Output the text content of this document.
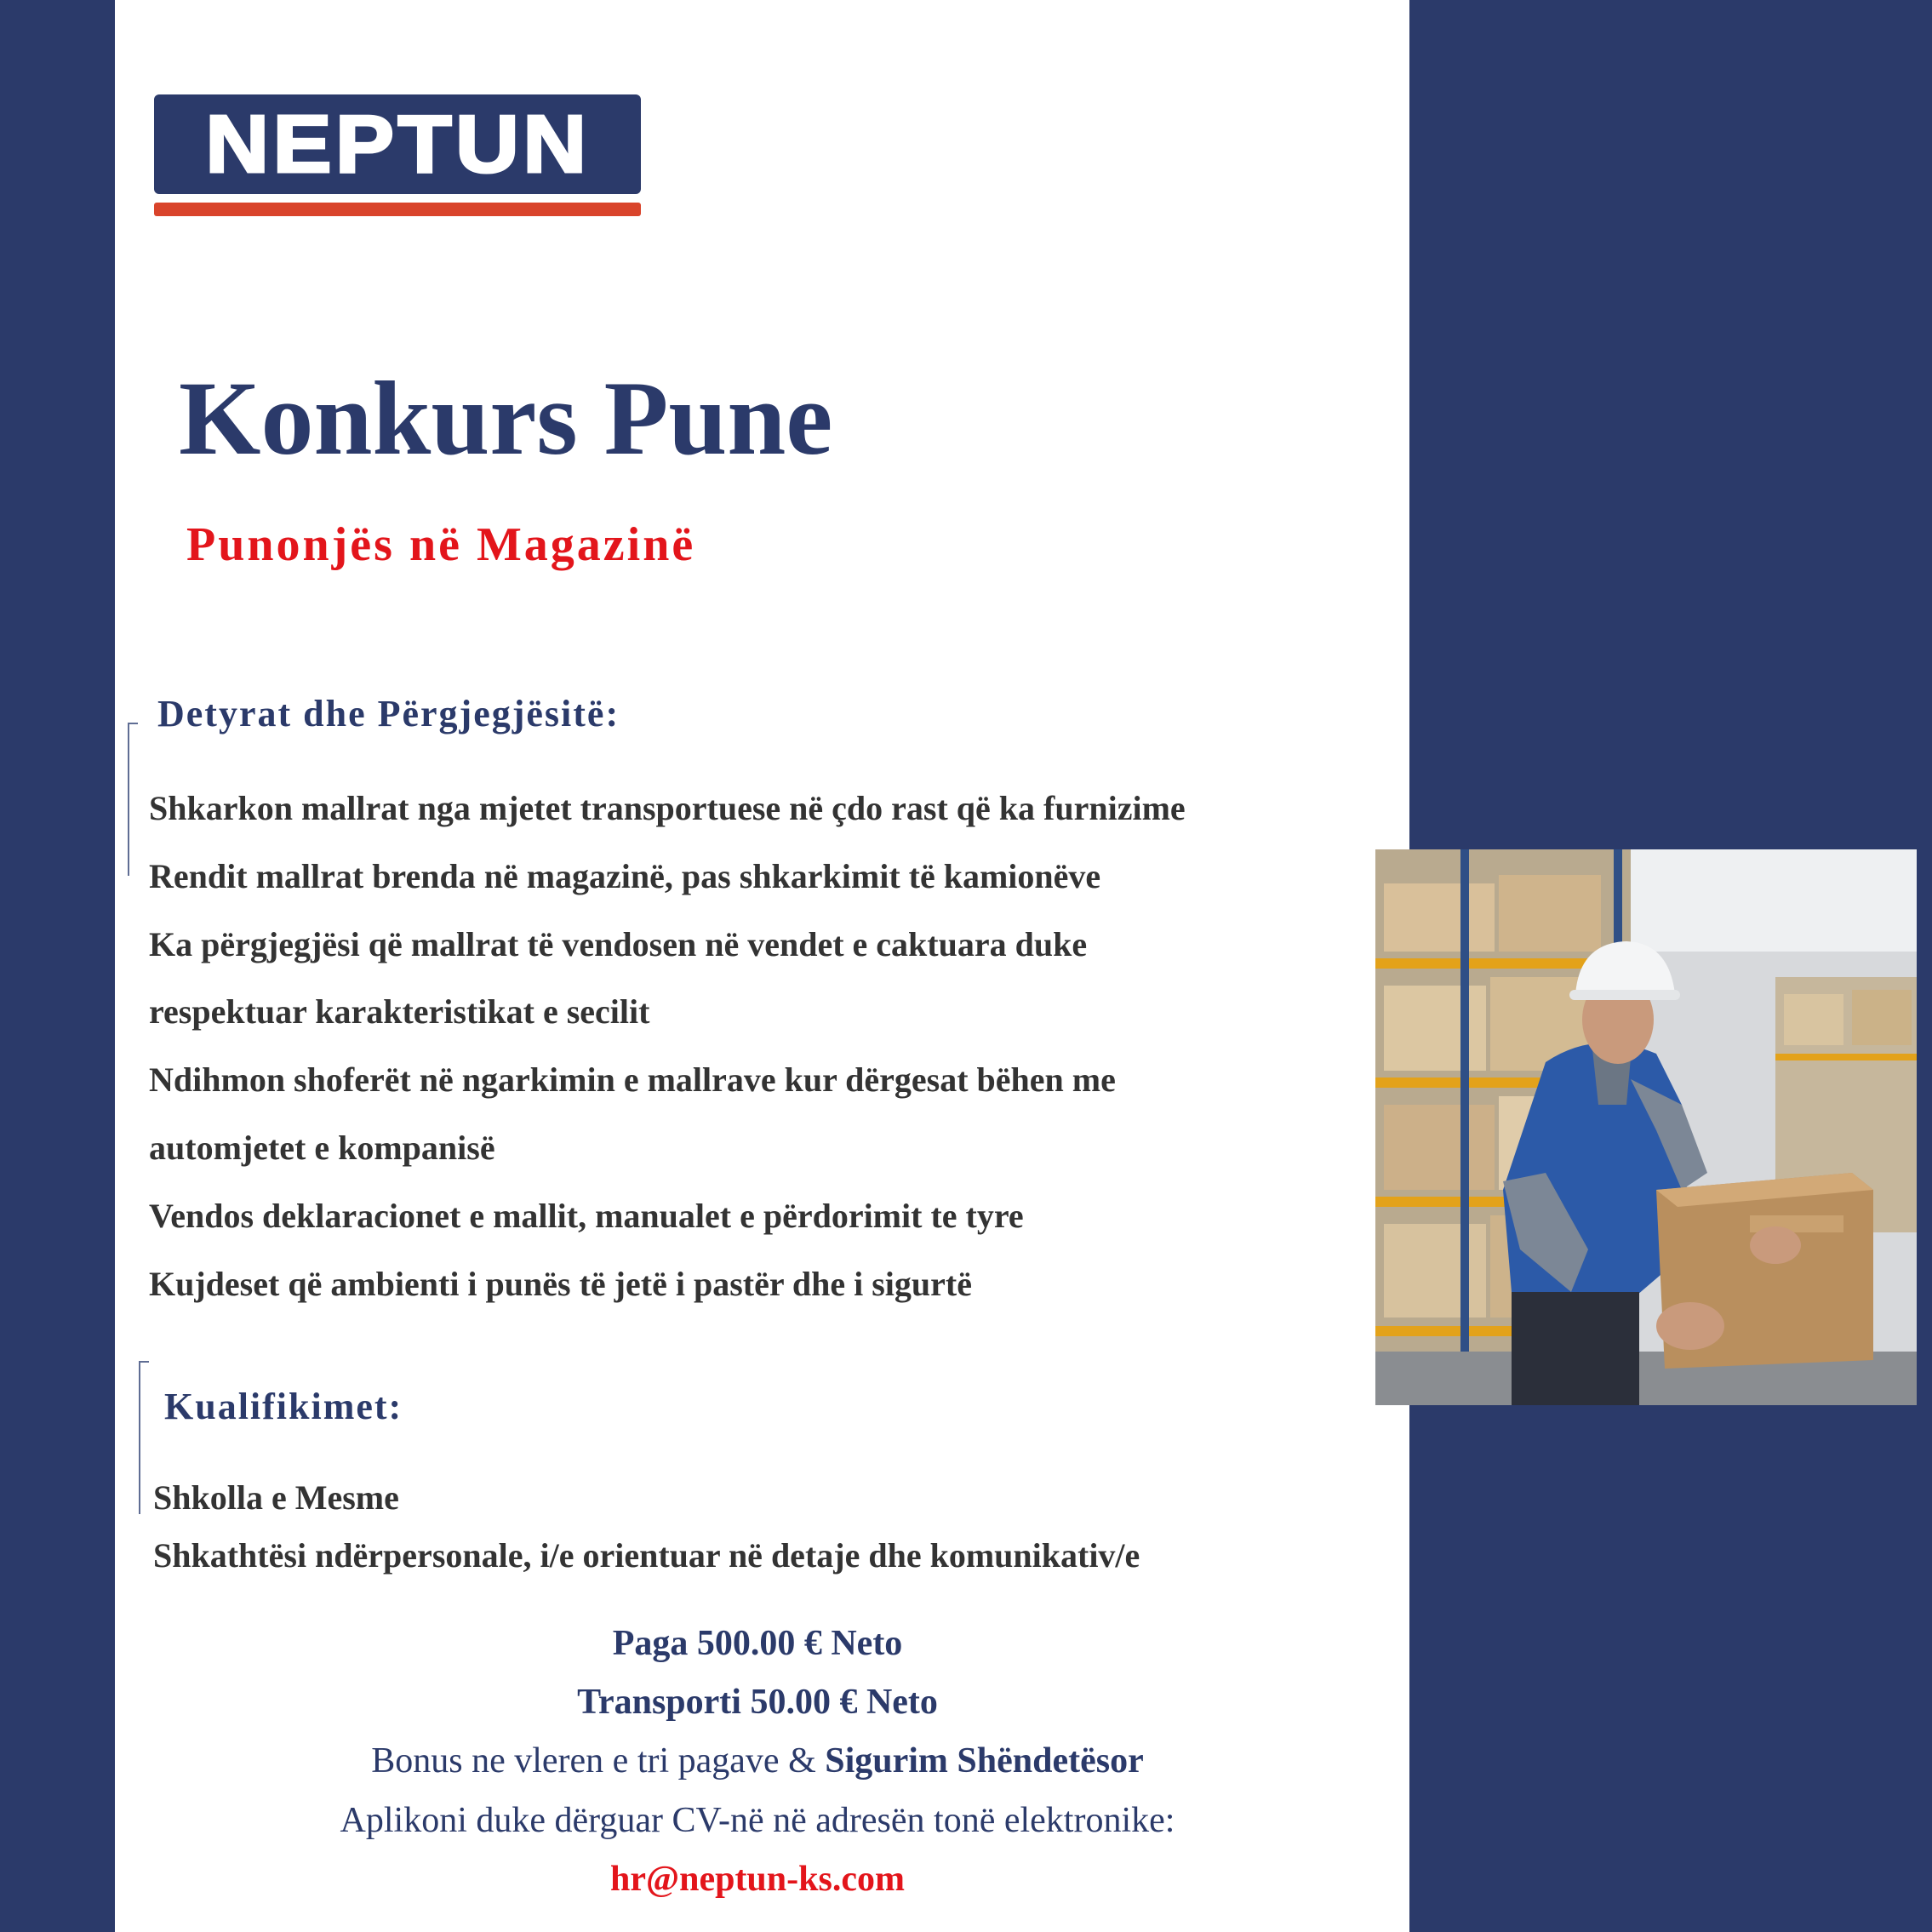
NEPTUN
Konkurs Pune
Punonjës në Magazinë
Detyrat dhe Përgjegjësitë:
Shkarkon mallrat nga mjetet transportuese në çdo rast që ka furnizime
Rendit mallrat brenda në magazinë, pas shkarkimit të kamionëve
Ka përgjegjësi që mallrat të vendosen në vendet e caktuara duke
respektuar karakteristikat e secilit
Ndihmon shoferët në ngarkimin e mallrave kur dërgesat bëhen me
automjetet e kompanisë
Vendos deklaracionet e mallit, manualet e përdorimit te tyre
Kujdeset që ambienti i punës të jetë i pastër dhe i sigurtë
Kualifikimet:
Shkolla e Mesme
Shkathtësi ndërpersonale, i/e orientuar në detaje dhe komunikativ/e
Paga 500.00 € Neto
Transporti 50.00 € Neto
Bonus ne vleren e tri pagave & Sigurim Shëndetësor
Aplikoni duke dërguar CV-në në adresën tonë elektronike:
hr@neptun-ks.com
